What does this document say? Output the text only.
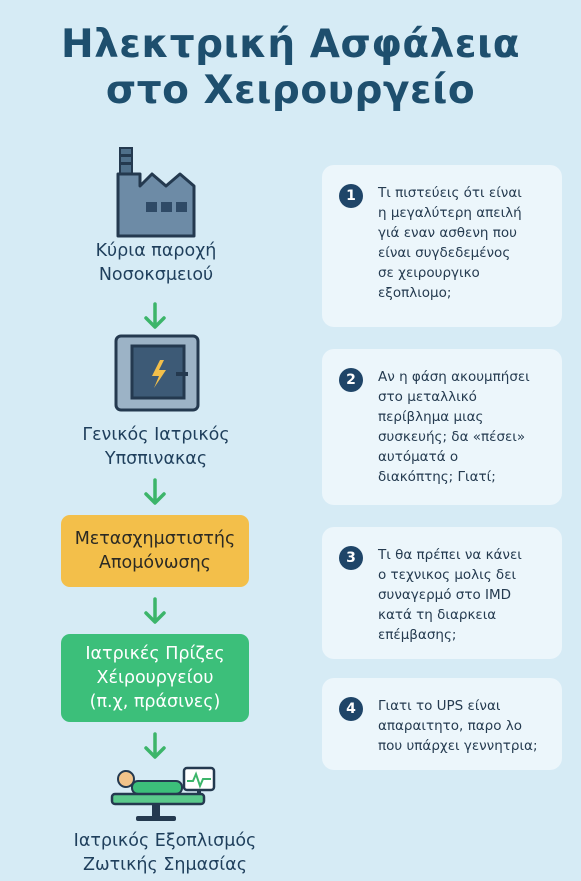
Ηλεκτρική Ασφάλεια
στο Χειρουργείο
Κύρια παροχή
Νοσοκσμειού
Γενικός Ιατρικός
Υπσπινακας
Μετασχημστιστής
Απομόνωσης
Ιατρικές Πρίζες
Χέιρουργείου
(π.χ, πράσινες)
Ιατρικός Εξοπλισμός
Ζωτικής Σημασίας
1	Τι πιστεύεις ότι είναι
η μεγαλύτερη απειλή
γιά εναν ασθενη που
είναι συγδεδεμένος
σε χειρουργικο
εξοπλιομο;
2	Αν η φάση ακουμπήσει
στο μεταλλικό
περίβλημα μιας
συσκευής; δα «πέσει»
αυτόματά ο
διακόπτης; Γιατί;
3	Τι θα πρέπει να κάνει
ο τεχνικος μολις δει
συναγερμό στο IMD
κατά τη διαρκεια
επέμβασης;
4	Γιατι το UPS είναι
απαραιτητο, παρο λο
που υπάρχει γεννητρια;
